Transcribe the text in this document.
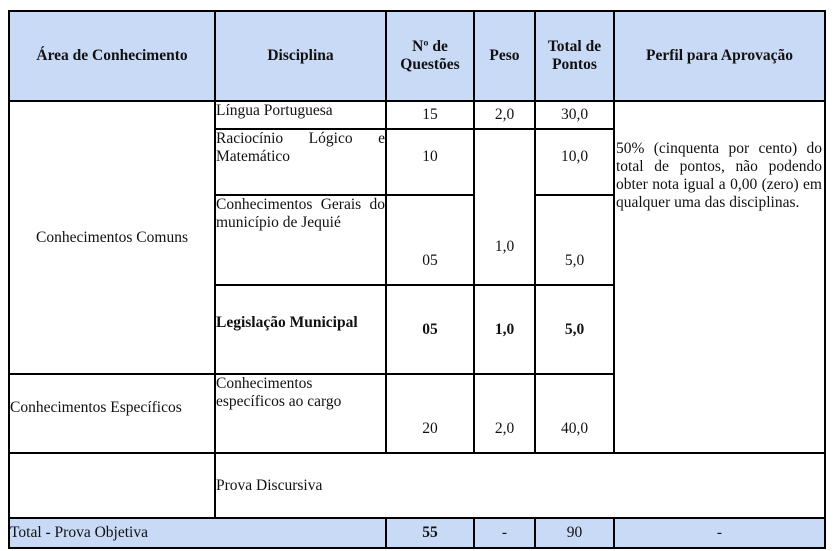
Área de Conhecimento	Disciplina	Nº de Questões	Peso	Total de Pontos	Perfil para Aprovação
Conhecimentos Comuns	Língua Portuguesa	15	2,0	30,0	50% (cinquenta por cento) do total de pontos, não podendo obter nota igual a 0,00 (zero) em qualquer uma das disciplinas.

	Raciocínio Lógico e Matemático	10	1,0	10,0	
	Conhecimentos Gerais do município de Jequié	05		5,0	
	Legislação Municipal	05	1,0	5,0	
Conhecimentos Específicos	Conhecimentos específicos ao cargo	20	2,0	40,0	
	Prova Discursiva				
Total - Prova Objetiva		55	-	90	-
